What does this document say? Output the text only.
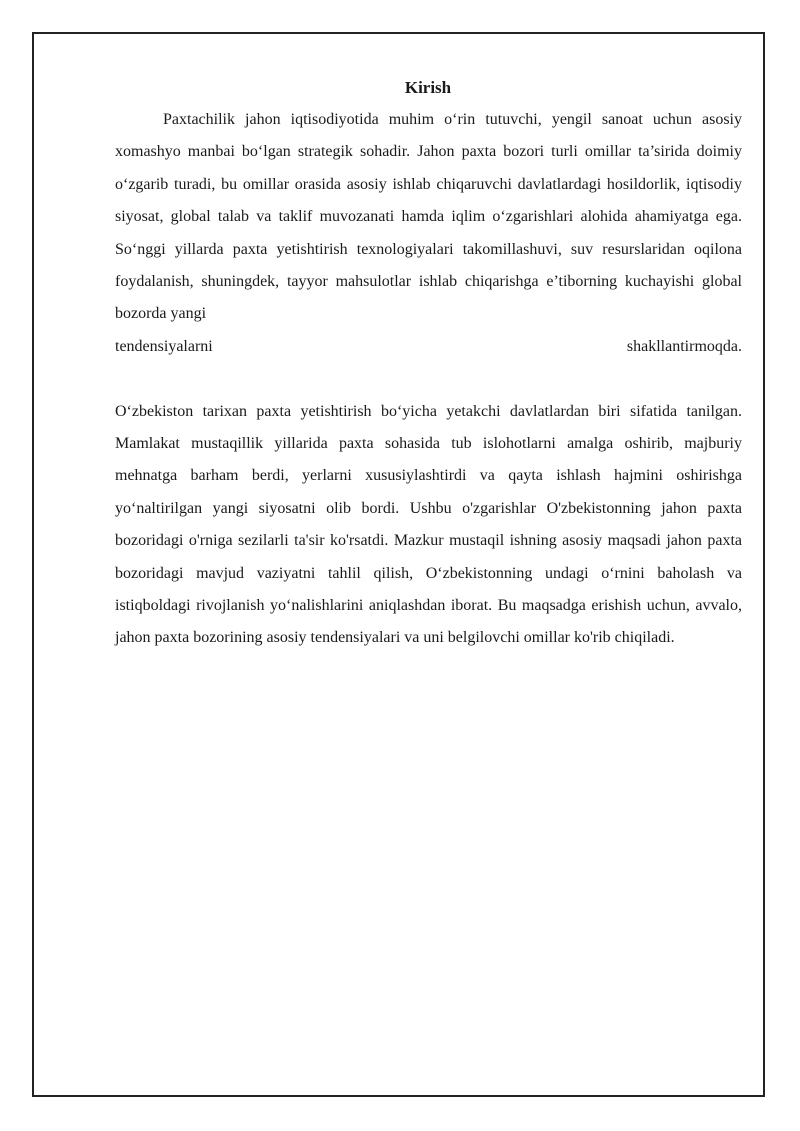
Kirish

Paxtachilik jahon iqtisodiyotida muhim o‘rin tutuvchi, yengil sanoat uchun asosiy xomashyo manbai bo‘lgan strategik sohadir. Jahon paxta bozori turli omillar ta’sirida doimiy o‘zgarib turadi, bu omillar orasida asosiy ishlab chiqaruvchi davlatlardagi hosildorlik, iqtisodiy siyosat, global talab va taklif muvozanati hamda iqlim o‘zgarishlari alohida ahamiyatga ega. So‘nggi yillarda paxta yetishtirish texnologiyalari takomillashuvi, suv resurslaridan oqilona foydalanish, shuningdek, tayyor mahsulotlar ishlab chiqarishga e’tiborning kuchayishi global bozorda yangi

tendensiyalarni	shakllantirmoqda.

O‘zbekiston tarixan paxta yetishtirish bo‘yicha yetakchi davlatlardan biri sifatida tanilgan. Mamlakat mustaqillik yillarida paxta sohasida tub islohotlarni amalga oshirib, majburiy mehnatga barham berdi, yerlarni xususiylashtirdi va qayta ishlash hajmini oshirishga yo‘naltirilgan yangi siyosatni olib bordi. Ushbu o'zgarishlar O'zbekistonning jahon paxta bozoridagi o'rniga sezilarli ta'sir ko'rsatdi. Mazkur mustaqil ishning asosiy maqsadi jahon paxta bozoridagi mavjud vaziyatni tahlil qilish, O‘zbekistonning undagi o‘rnini baholash va istiqboldagi rivojlanish yo‘nalishlarini aniqlashdan iborat. Bu maqsadga erishish uchun, avvalo, jahon paxta bozorining asosiy tendensiyalari va uni belgilovchi omillar ko'rib chiqiladi.
